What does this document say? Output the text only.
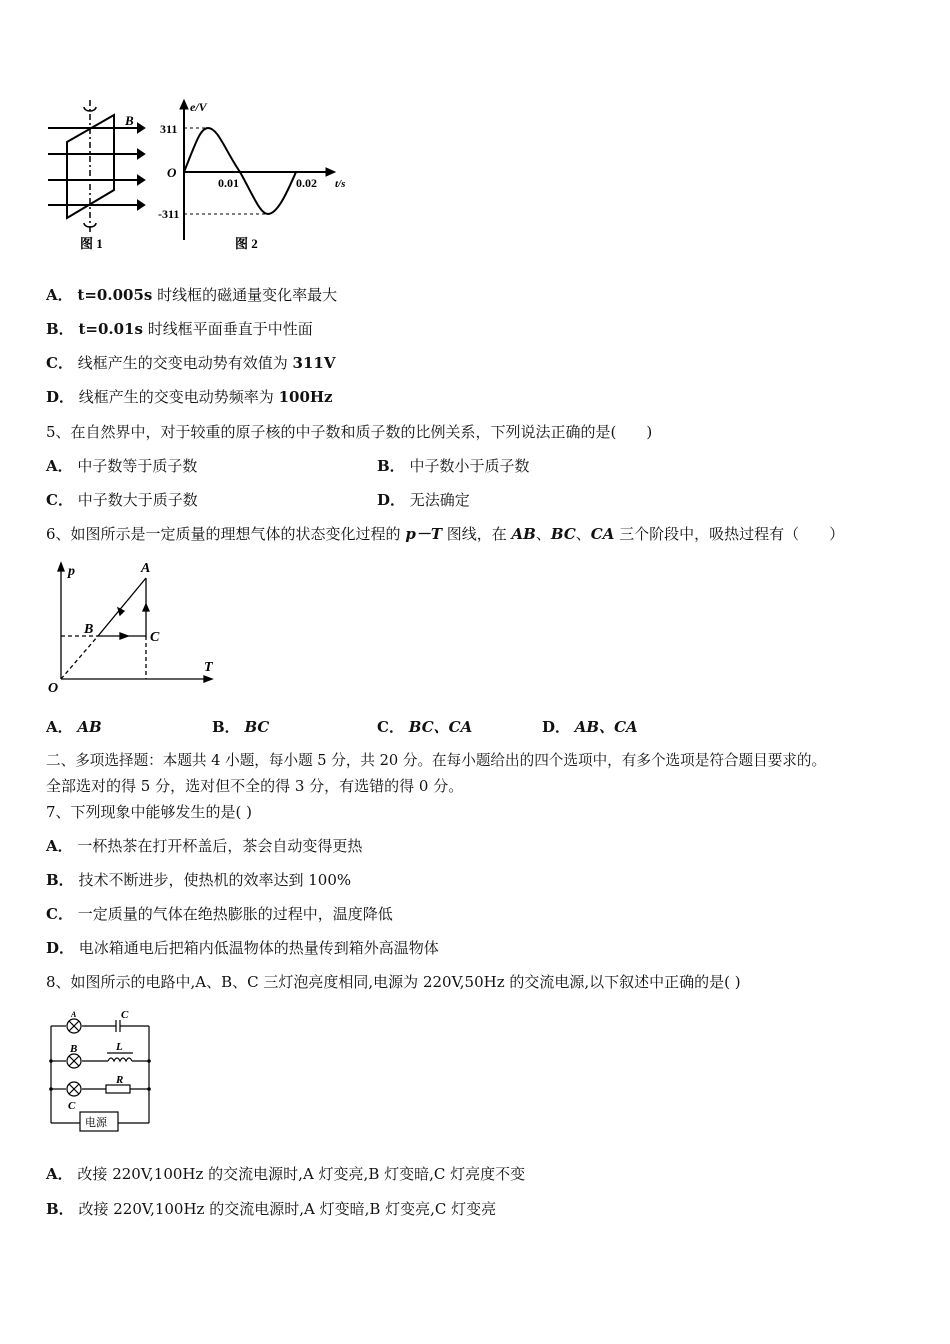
B
图 1
e/V
311
O
-311
0.01	0.02 t/s
图 2
A． t=0.005s 时线框的磁通量变化率最大
B． t=0.01s 时线框平面垂直于中性面
C． 线框产生的交变电动势有效值为 311V
D． 线框产生的交变电动势频率为 100Hz
5、在自然界中，对于较重的原子核的中子数和质子数的比例关系，下列说法正确的是(　　)
A． 中子数等于质子数	B． 中子数小于质子数
C． 中子数大于质子数	D． 无法确定
6、如图所示是一定质量的理想气体的状态变化过程的 p－T 图线，在 AB、BC、CA 三个阶段中，吸热过程有（　　）
p
T
O
A
B
C
A． AB	B． BC	C． BC、CA	D． AB、CA
二、多项选择题：本题共 4 小题，每小题 5 分，共 20 分。在每小题给出的四个选项中，有多个选项是符合题目要求的。
全部选对的得 5 分，选对但不全的得 3 分，有选错的得 0 分。
7、下列现象中能够发生的是( )
A． 一杯热茶在打开杯盖后，茶会自动变得更热
B． 技术不断进步，使热机的效率达到 100%
C． 一定质量的气体在绝热膨胀的过程中，温度降低
D． 电冰箱通电后把箱内低温物体的热量传到箱外高温物体
8、如图所示的电路中,A、B、C 三灯泡亮度相同,电源为 220V,50Hz 的交流电源,以下叙述中正确的是( )
A	C
B	L
R
C
电源
A． 改接 220V,100Hz 的交流电源时,A 灯变亮,B 灯变暗,C 灯亮度不变
B． 改接 220V,100Hz 的交流电源时,A 灯变暗,B 灯变亮,C 灯变亮
